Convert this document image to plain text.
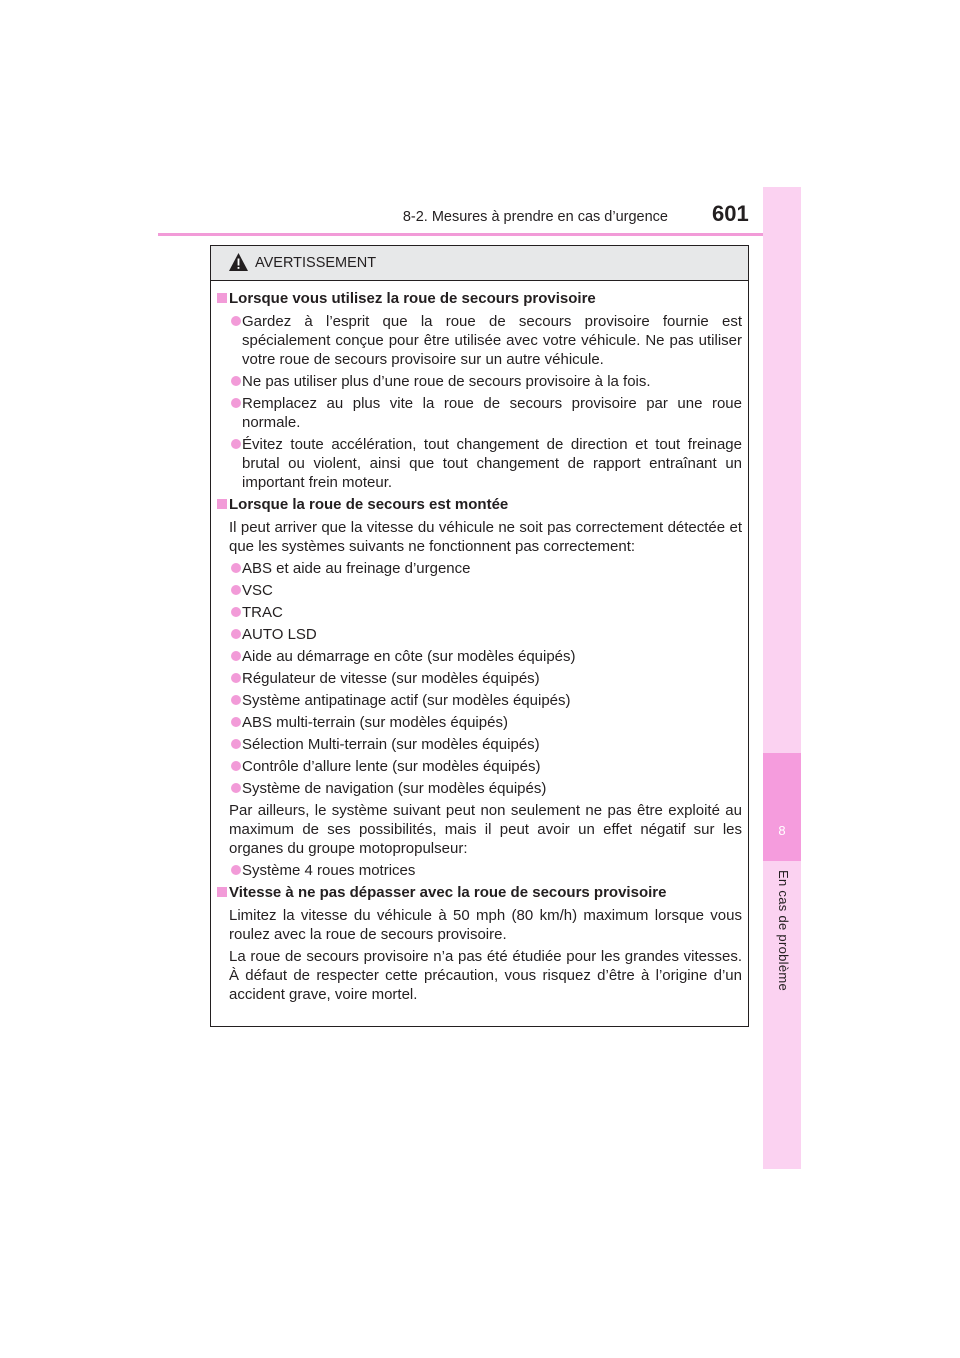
8-2. Mesures à prendre en cas d’urgence 601
8
En cas de problème
AVERTISSEMENT
Lorsque vous utilisez la roue de secours provisoire
Gardez à l’esprit que la roue de secours provisoire fournie est spécialement conçue pour être utilisée avec votre véhicule. Ne pas utiliser votre roue de secours provisoire sur un autre véhicule.
Ne pas utiliser plus d’une roue de secours provisoire à la fois.
Remplacez au plus vite la roue de secours provisoire par une roue normale.
Évitez toute accélération, tout changement de direction et tout freinage brutal ou violent, ainsi que tout changement de rapport entraînant un important frein moteur.
Lorsque la roue de secours est montée
Il peut arriver que la vitesse du véhicule ne soit pas correctement détectée et que les systèmes suivants ne fonctionnent pas correctement:
ABS et aide au freinage d’urgence
VSC
TRAC
AUTO LSD
Aide au démarrage en côte (sur modèles équipés)
Régulateur de vitesse (sur modèles équipés)
Système antipatinage actif (sur modèles équipés)
ABS multi-terrain (sur modèles équipés)
Sélection Multi-terrain (sur modèles équipés)
Contrôle d’allure lente (sur modèles équipés)
Système de navigation (sur modèles équipés)
Par ailleurs, le système suivant peut non seulement ne pas être exploité au maximum de ses possibilités, mais il peut avoir un effet négatif sur les organes du groupe motopropulseur:
Système 4 roues motrices
Vitesse à ne pas dépasser avec la roue de secours provisoire
Limitez la vitesse du véhicule à 50 mph (80 km/h) maximum lorsque vous roulez avec la roue de secours provisoire.
La roue de secours provisoire n’a pas été étudiée pour les grandes vitesses. À défaut de respecter cette précaution, vous risquez d’être à l’origine d’un accident grave, voire mortel.
